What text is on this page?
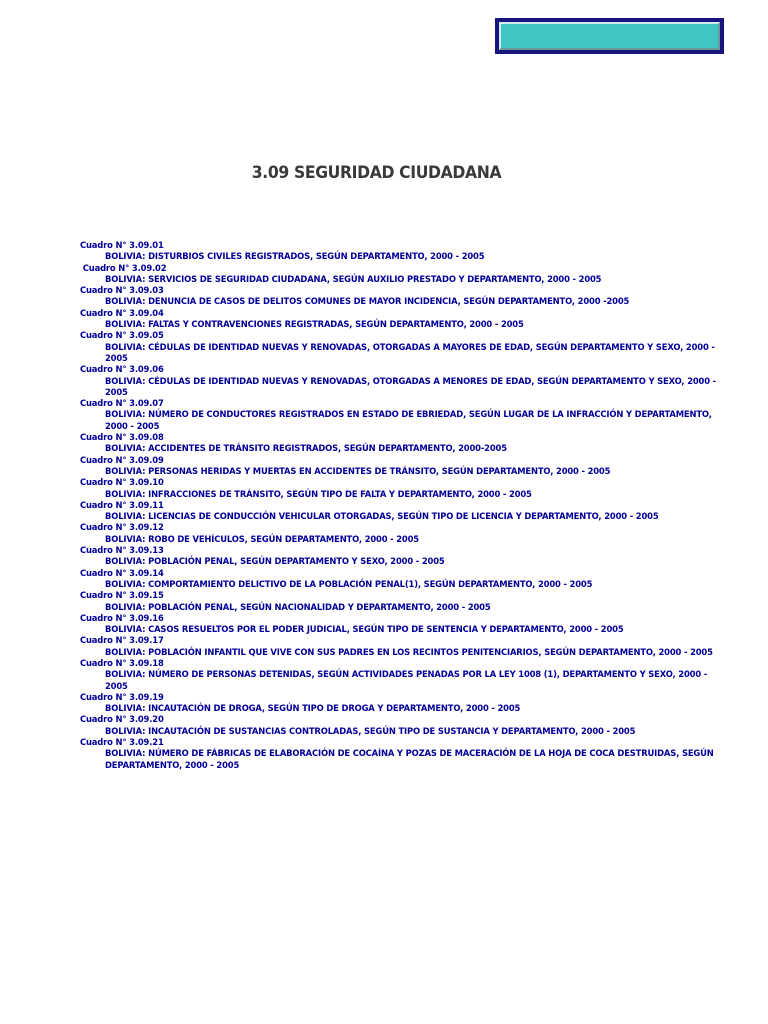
3.09 SEGURIDAD CIUDADANA
Cuadro N° 3.09.01
BOLIVIA: DISTURBIOS CIVILES REGISTRADOS, SEGÚN DEPARTAMENTO, 2000 - 2005
Cuadro N° 3.09.02
BOLIVIA: SERVICIOS DE SEGURIDAD CIUDADANA, SEGÚN AUXILIO PRESTADO Y DEPARTAMENTO, 2000 - 2005
Cuadro N° 3.09.03
BOLIVIA: DENUNCIA DE CASOS DE DELITOS COMUNES DE MAYOR INCIDENCIA, SEGÚN DEPARTAMENTO, 2000 -2005
Cuadro N° 3.09.04
BOLIVIA: FALTAS Y CONTRAVENCIONES REGISTRADAS, SEGÚN DEPARTAMENTO, 2000 - 2005
Cuadro N° 3.09.05
BOLIVIA: CÉDULAS DE IDENTIDAD NUEVAS Y RENOVADAS, OTORGADAS A MAYORES DE EDAD, SEGÚN DEPARTAMENTO Y SEXO, 2000 - 2005
Cuadro N° 3.09.06
BOLIVIA: CÉDULAS DE IDENTIDAD NUEVAS Y RENOVADAS, OTORGADAS A MENORES DE EDAD, SEGÚN DEPARTAMENTO Y SEXO, 2000 - 2005
Cuadro N° 3.09.07
BOLIVIA: NÚMERO DE CONDUCTORES REGISTRADOS EN ESTADO DE EBRIEDAD, SEGÚN LUGAR DE LA INFRACCIÓN Y DEPARTAMENTO, 2000 - 2005
Cuadro N° 3.09.08
BOLIVIA: ACCIDENTES DE TRÁNSITO REGISTRADOS, SEGÚN DEPARTAMENTO, 2000-2005
Cuadro N° 3.09.09
BOLIVIA: PERSONAS HERIDAS Y MUERTAS EN ACCIDENTES DE TRÁNSITO, SEGÚN DEPARTAMENTO, 2000 - 2005
Cuadro N° 3.09.10
BOLIVIA: INFRACCIONES DE TRÁNSITO, SEGÚN TIPO DE FALTA Y DEPARTAMENTO, 2000 - 2005
Cuadro N° 3.09.11
BOLIVIA: LICENCIAS DE CONDUCCIÓN VEHICULAR OTORGADAS, SEGÚN TIPO DE LICENCIA Y DEPARTAMENTO, 2000 - 2005
Cuadro N° 3.09.12
BOLIVIA: ROBO DE VEHÍCULOS, SEGÚN DEPARTAMENTO, 2000 - 2005
Cuadro N° 3.09.13
BOLIVIA: POBLACIÓN PENAL, SEGÚN DEPARTAMENTO Y SEXO, 2000 - 2005
Cuadro N° 3.09.14
BOLIVIA: COMPORTAMIENTO DELICTIVO DE LA POBLACIÓN PENAL(1), SEGÚN DEPARTAMENTO, 2000 - 2005
Cuadro N° 3.09.15
BOLIVIA: POBLACIÓN PENAL, SEGÚN NACIONALIDAD Y DEPARTAMENTO, 2000 - 2005
Cuadro N° 3.09.16
BOLIVIA: CASOS RESUELTOS POR EL PODER JUDICIAL, SEGÚN TIPO DE SENTENCIA Y DEPARTAMENTO, 2000 - 2005
Cuadro N° 3.09.17
BOLIVIA: POBLACIÓN INFANTIL QUE VIVE CON SUS PADRES EN LOS RECINTOS PENITENCIARIOS, SEGÚN DEPARTAMENTO, 2000 - 2005
Cuadro N° 3.09.18
BOLIVIA: NÚMERO DE PERSONAS DETENIDAS, SEGÚN ACTIVIDADES PENADAS POR LA LEY 1008 (1), DEPARTAMENTO Y SEXO, 2000 - 2005
Cuadro N° 3.09.19
BOLIVIA: INCAUTACIÓN DE DROGA, SEGÚN TIPO DE DROGA Y DEPARTAMENTO, 2000 - 2005
Cuadro N° 3.09.20
BOLIVIA: INCAUTACIÓN DE SUSTANCIAS CONTROLADAS, SEGÚN TIPO DE SUSTANCIA Y DEPARTAMENTO, 2000 - 2005
Cuadro N° 3.09.21
BOLIVIA: NÚMERO DE FÁBRICAS DE ELABORACIÓN DE COCAÍNA Y POZAS DE MACERACIÓN DE LA HOJA DE COCA DESTRUIDAS, SEGÚN DEPARTAMENTO, 2000 - 2005
